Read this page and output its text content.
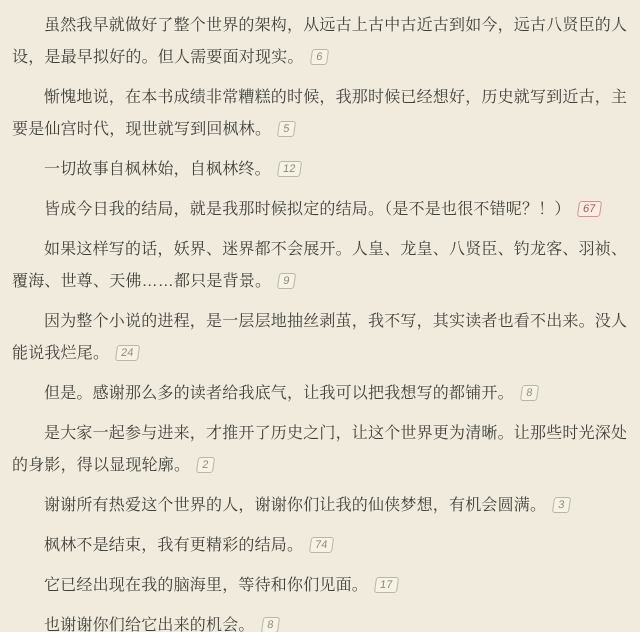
虽然我早就做好了整个世界的架构，从远古上古中古近古到如今，远古八贤臣的人设，是最早拟好的。但人需要面对现实。 6

惭愧地说，在本书成绩非常糟糕的时候，我那时候已经想好，历史就写到近古，主要是仙宫时代，现世就写到回枫林。 5

一切故事自枫林始，自枫林终。 12

皆成今日我的结局，就是我那时候拟定的结局。（是不是也很不错呢？！） 67

如果这样写的话，妖界、迷界都不会展开。人皇、龙皇、八贤臣、钓龙客、羽祯、覆海、世尊、天佛……都只是背景。 9

因为整个小说的进程，是一层层地抽丝剥茧，我不写，其实读者也看不出来。没人能说我烂尾。 24

但是。感谢那么多的读者给我底气，让我可以把我想写的都铺开。 8

是大家一起参与进来，才推开了历史之门，让这个世界更为清晰。让那些时光深处的身影，得以显现轮廓。 2

谢谢所有热爱这个世界的人，谢谢你们让我的仙侠梦想，有机会圆满。 3

枫林不是结束，我有更精彩的结局。 74

它已经出现在我的脑海里，等待和你们见面。 17

也谢谢你们给它出来的机会。 8
